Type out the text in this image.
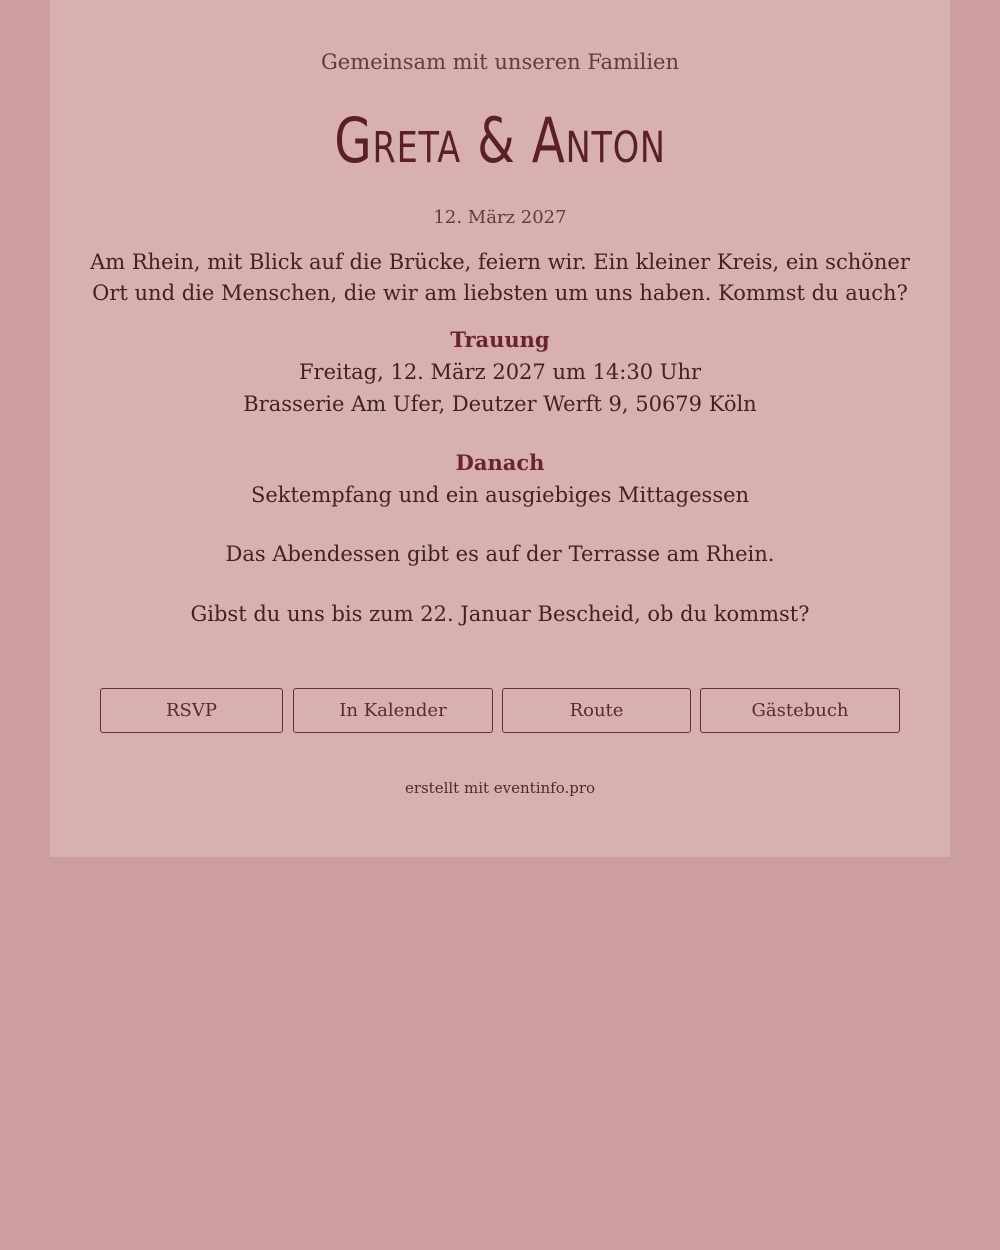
Gemeinsam mit unseren Familien
Greta & Anton
12. März 2027
Am Rhein, mit Blick auf die Brücke, feiern wir. Ein kleiner Kreis, ein schöner
Ort und die Menschen, die wir am liebsten um uns haben. Kommst du auch?
Trauung
Freitag, 12. März 2027 um 14:30 Uhr
Brasserie Am Ufer, Deutzer Werft 9, 50679 Köln
Danach
Sektempfang und ein ausgiebiges Mittagessen
Das Abendessen gibt es auf der Terrasse am Rhein.
Gibst du uns bis zum 22. Januar Bescheid, ob du kommst?
RSVP	In Kalender	Route	Gästebuch
erstellt mit eventinfo.pro
